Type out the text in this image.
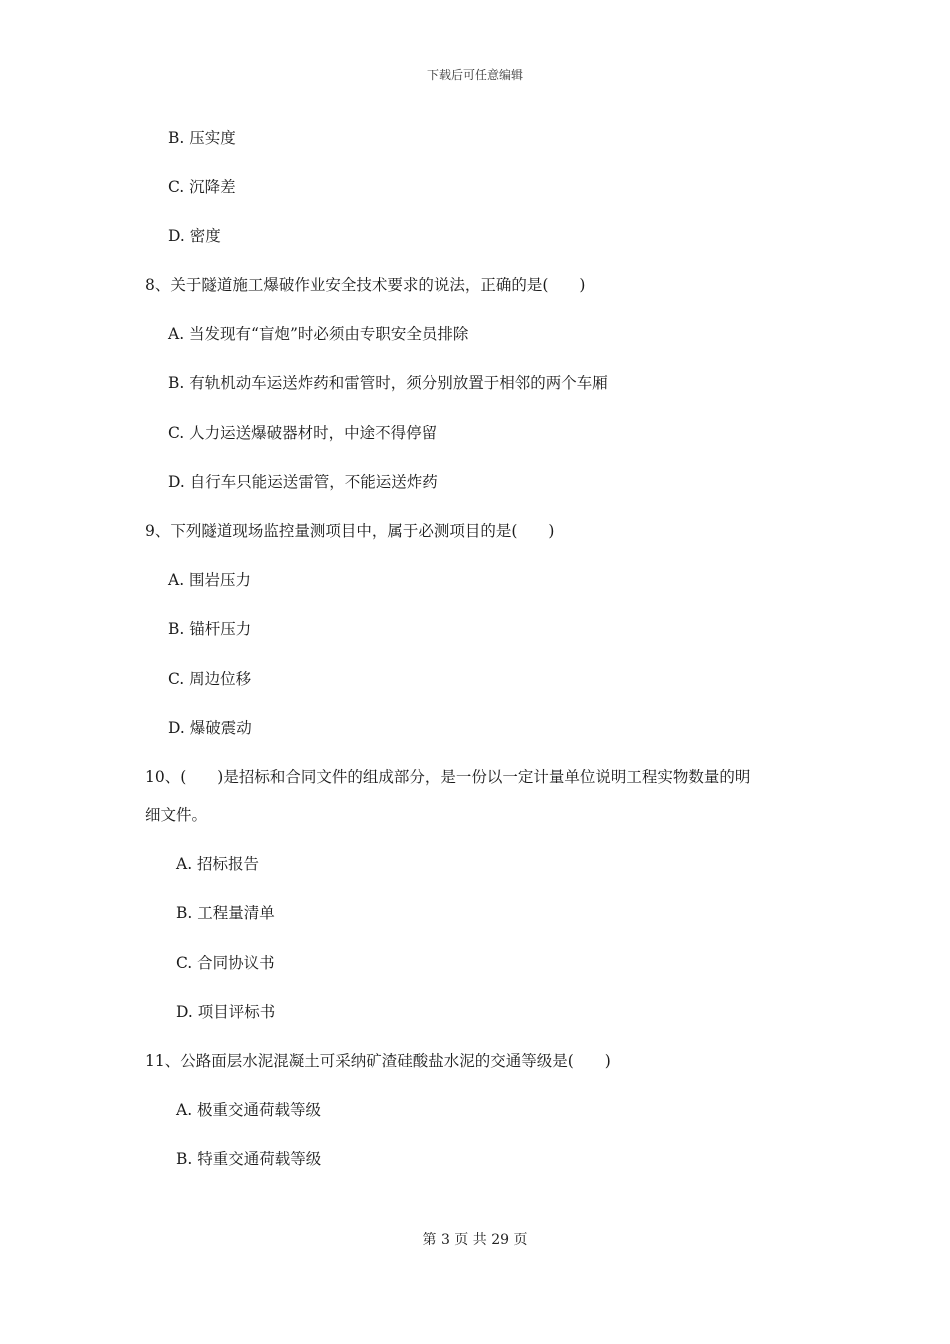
下载后可任意编辑
B. 压实度
C. 沉降差
D. 密度
8、关于隧道施工爆破作业安全技术要求的说法，正确的是(　　)
A. 当发现有“盲炮”时必须由专职安全员排除
B. 有轨机动车运送炸药和雷管时，须分别放置于相邻的两个车厢
C. 人力运送爆破器材时，中途不得停留
D. 自行车只能运送雷管，不能运送炸药
9、下列隧道现场监控量测项目中，属于必测项目的是(　　)
A. 围岩压力
B. 锚杆压力
C. 周边位移
D. 爆破震动
10、(　　)是招标和合同文件的组成部分，是一份以一定计量单位说明工程实物数量的明
细文件。
A. 招标报告
B. 工程量清单
C. 合同协议书
D. 项目评标书
11、公路面层水泥混凝土可采纳矿渣硅酸盐水泥的交通等级是(　　)
A. 极重交通荷载等级
B. 特重交通荷载等级
第 3 页 共 29 页
